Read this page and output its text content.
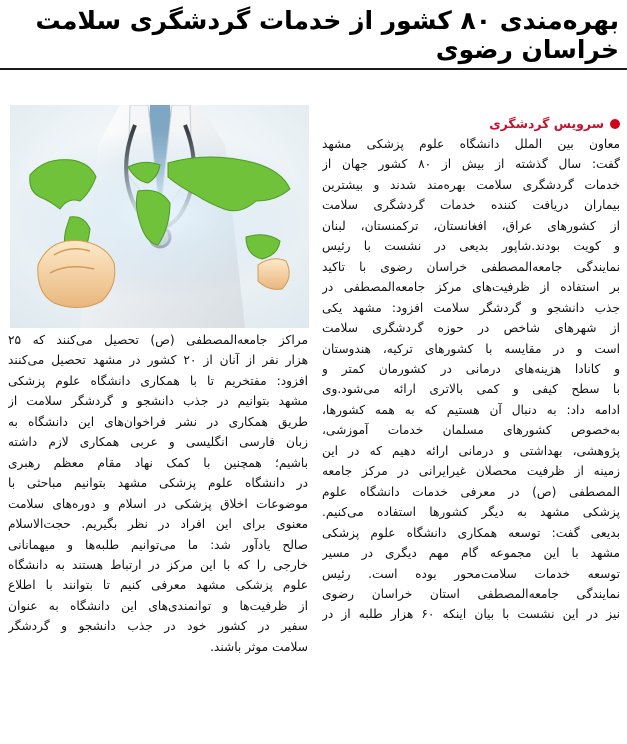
بهره‌مندی ۸۰ کشور از خدمات گردشگری سلامت خراسان رضوی
سرویس گردشگری
معاون بین الملل دانشگاه علوم پزشکی مشهد
گفت: سال گذشته از بیش از ۸۰ کشور جهان از
خدمات گردشگری سلامت بهره‌مند شدند و بیشترین
بیماران دریافت کننده خدمات گردشگری سلامت
از کشورهای عراق، افغانستان، ترکمنستان، لبنان
و کویت بودند.شاپور بدیعی در نشست با رئیس
نمایندگی جامعه‌المصطفی خراسان رضوی با تاکید
بر استفاده از ظرفیت‌های مرکز جامعه‌المصطفی در
جذب دانشجو و گردشگر سلامت افزود: مشهد یکی
از شهرهای شاخص در حوزه گردشگری سلامت
است و در مقایسه با کشورهای ترکیه، هندوستان
و کانادا هزینه‌های درمانی در کشورمان کمتر و
با سطح کیفی و کمی بالاتری ارائه می‌شود.وی
ادامه داد: به دنبال آن هستیم که به همه کشورها،
به‌خصوص کشورهای مسلمان خدمات آموزشی،
پژوهشی، بهداشتی و درمانی ارائه دهیم که در این
زمینه از ظرفیت محصلان غیرایرانی در مرکز جامعه
المصطفی (ص) در معرفی خدمات دانشگاه علوم
پزشکی مشهد به دیگر کشورها استفاده می‌کنیم.
بدیعی گفت: توسعه همکاری دانشگاه علوم پزشکی
مشهد با این مجموعه گام مهم دیگری در مسیر
توسعه خدمات سلامت‌محور بوده است. رئیس
نمایندگی جامعه‌المصطفی استان خراسان رضوی
نیز در این نشست با بیان اینکه ۶۰ هزار طلبه از در
مراکز جامعه‌المصطفی (ص) تحصیل می‌کنند که ۲۵
هزار نفر از آنان از ۲۰ کشور در مشهد تحصیل می‌کنند
افزود: مفتخریم تا با همکاری دانشگاه علوم پزشکی
مشهد بتوانیم در جذب دانشجو و گردشگر سلامت از
طریق همکاری در نشر فراخوان‌های این دانشگاه به
زبان فارسی انگلیسی و عربی همکاری لازم داشته
باشیم؛ همچنین با کمک نهاد مقام معظم رهبری
در دانشگاه علوم پزشکی مشهد بتوانیم مباحثی با
موضوعات اخلاق پزشکی در اسلام و دوره‌های سلامت
معنوی برای این افراد در نظر بگیریم. حجت‌الاسلام
صالح یادآور شد: ما می‌توانیم طلبه‌ها و میهمانانی
خارجی را که با این مرکز در ارتباط هستند به دانشگاه
علوم پزشکی مشهد معرفی کنیم تا بتوانند با اطلاع
از ظرفیت‌ها و توانمندی‌های این دانشگاه به عنوان
سفیر در کشور خود در جذب دانشجو و گردشگر
سلامت موثر باشند.
